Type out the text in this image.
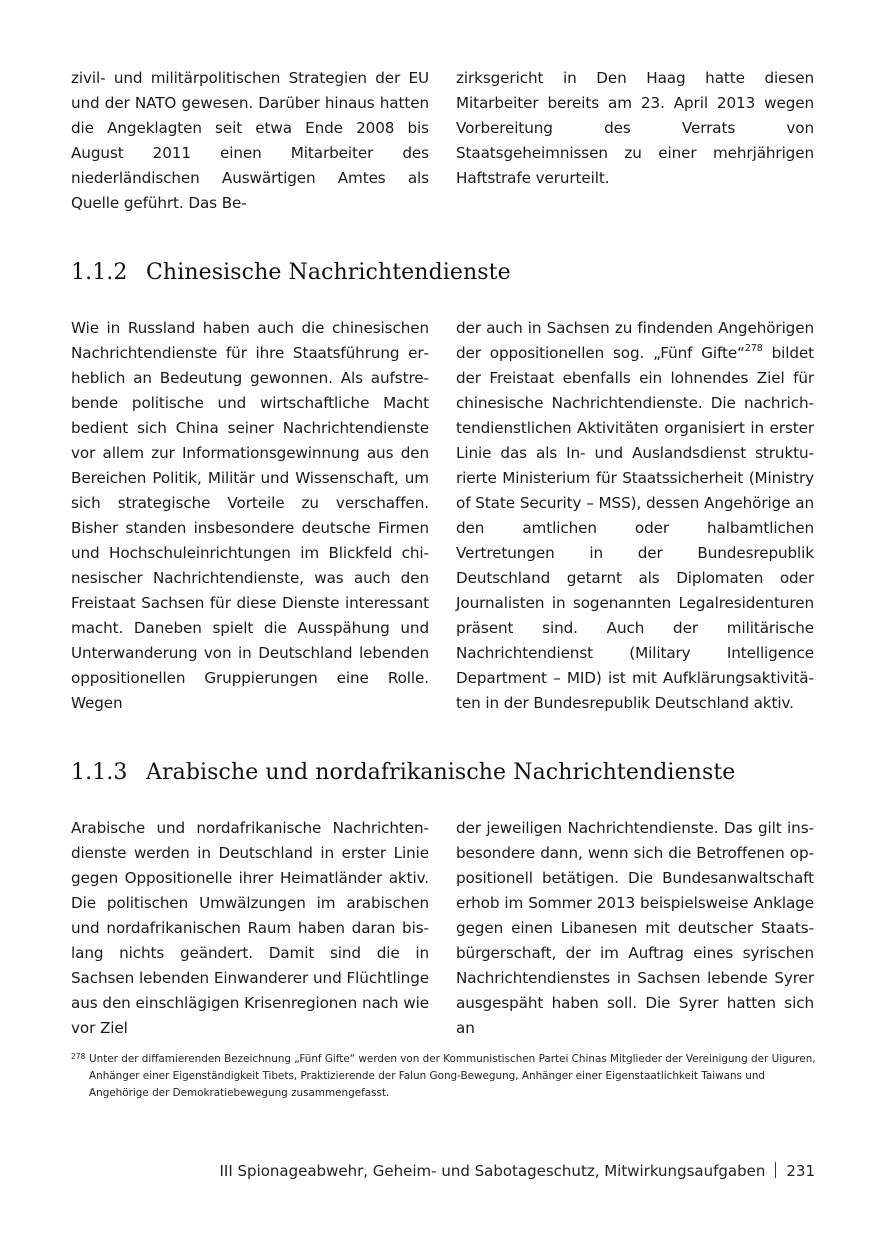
zivil- und militärpolitischen Strategien der EU und der NATO gewesen. Darüber hinaus hatten die Angeklagten seit etwa Ende 2008 bis August 2011 einen Mitarbeiter des niederländischen Auswärtigen Amtes als Quelle geführt. Das Be-

zirksgericht in Den Haag hatte diesen Mitarbeiter bereits am 23. April 2013 wegen Vorbereitung des Verrats von Staatsgeheimnissen zu einer mehrjährigen Haftstrafe verurteilt.

1.1.2 Chinesische Nachrichtendienste

Wie in Russland haben auch die chinesischen Nachrichtendienste für ihre Staatsführung erheblich an Bedeutung gewonnen. Als aufstrebende politische und wirtschaftliche Macht bedient sich China seiner Nachrichtendienste vor allem zur Informationsgewinnung aus den Bereichen Politik, Militär und Wissenschaft, um sich strategische Vorteile zu verschaffen. Bisher standen insbesondere deutsche Firmen und Hochschuleinrichtungen im Blickfeld chinesischer Nachrichtendienste, was auch den Freistaat Sachsen für diese Dienste interessant macht. Daneben spielt die Ausspähung und Unterwanderung von in Deutschland lebenden oppositionellen Gruppierungen eine Rolle. Wegen

der auch in Sachsen zu findenden Angehörigen der oppositionellen sog. „Fünf Gifte“$^{278}$ bildet der Freistaat ebenfalls ein lohnendes Ziel für chinesische Nachrichtendienste. Die nachrichtendienstlichen Aktivitäten organisiert in erster Linie das als In- und Auslandsdienst strukturierte Ministerium für Staatssicherheit (Ministry of State Security – MSS), dessen Angehörige an den amtlichen oder halbamtlichen Vertretungen in der Bundesrepublik Deutschland getarnt als Diplomaten oder Journalisten in sogenannten Legalresidenturen präsent sind. Auch der militärische Nachrichtendienst (Military Intelligence Department – MID) ist mit Aufklärungsaktivitäten in der Bundesrepublik Deutschland aktiv.

1.1.3 Arabische und nordafrikanische Nachrichtendienste

Arabische und nordafrikanische Nachrichtendienste werden in Deutschland in erster Linie gegen Oppositionelle ihrer Heimatländer aktiv. Die politischen Umwälzungen im arabischen und nordafrikanischen Raum haben daran bislang nichts geändert. Damit sind die in Sachsen lebenden Einwanderer und Flüchtlinge aus den einschlägigen Krisenregionen nach wie vor Ziel

der jeweiligen Nachrichtendienste. Das gilt insbesondere dann, wenn sich die Betroffenen oppositionell betätigen. Die Bundesanwaltschaft erhob im Sommer 2013 beispielsweise Anklage gegen einen Libanesen mit deutscher Staatsbürgerschaft, der im Auftrag eines syrischen Nachrichtendienstes in Sachsen lebende Syrer ausgespäht haben soll. Die Syrer hatten sich an

278 Unter der diffamierenden Bezeichnung „Fünf Gifte“ werden von der Kommunistischen Partei Chinas Mitglieder der Vereinigung der Uiguren, Anhänger einer Eigenständigkeit Tibets, Praktizierende der Falun Gong-Bewegung, Anhänger einer Eigenstaatlichkeit Taiwans und Angehörige der Demokratiebewegung zusammengefasst.
III Spionageabwehr, Geheim- und Sabotageschutz, Mitwirkungsaufgaben 231
